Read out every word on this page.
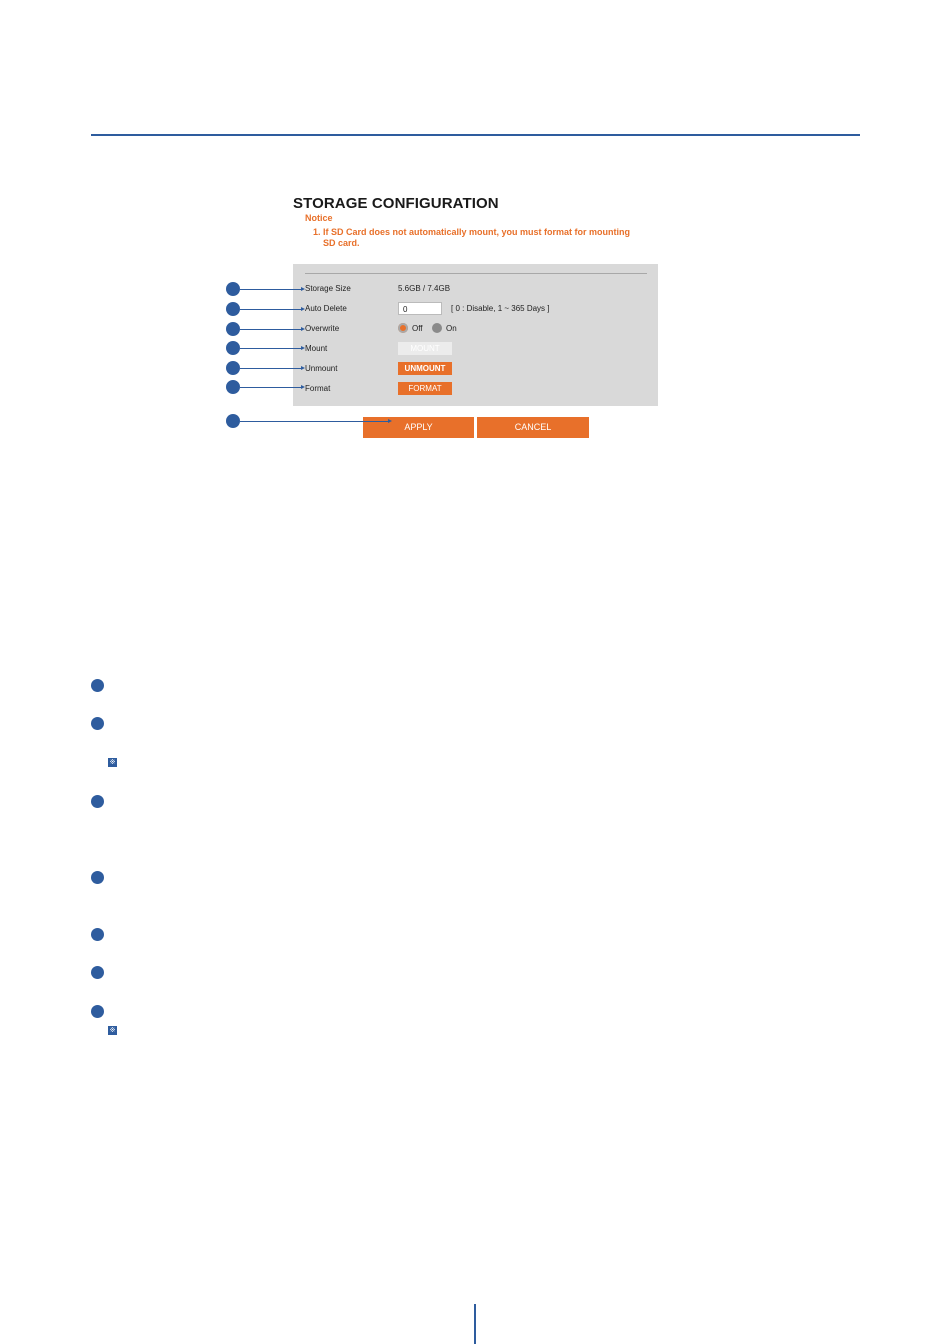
STORAGE CONFIGURATION
Notice
1. If SD Card does not automatically mount, you must format for mounting
SD card.
Storage Size	5.6GB / 7.4GB
Auto Delete	0	[ 0 : Disable, 1 ~ 365 Days ]
Overwrite	Off	On
Mount	MOUNT
Unmount	UNMOUNT
Format	FORMAT
APPLY	CANCEL
※
※
